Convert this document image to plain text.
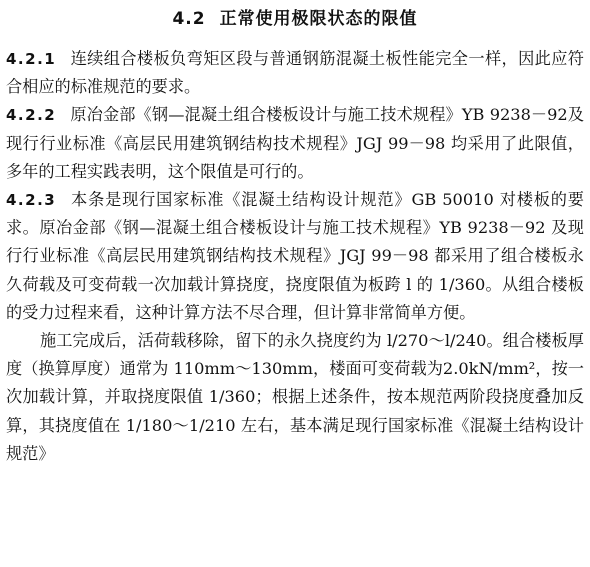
4.2 正常使用极限状态的限值

4.2.1 连续组合楼板负弯矩区段与普通钢筋混凝土板性能完全一样，因此应符合相应的标准规范的要求。

4.2.2 原冶金部《钢—混凝土组合楼板设计与施工技术规程》YB 9238－92及现行行业标准《高层民用建筑钢结构技术规程》JGJ 99－98 均采用了此限值，多年的工程实践表明，这个限值是可行的。

4.2.3 本条是现行国家标准《混凝土结构设计规范》GB 50010 对楼板的要求。原冶金部《钢—混凝土组合楼板设计与施工技术规程》YB 9238－92 及现行行业标准《高层民用建筑钢结构技术规程》JGJ 99－98 都采用了组合楼板永久荷载及可变荷载一次加载计算挠度，挠度限值为板跨 l 的 1/360。从组合楼板的受力过程来看，这种计算方法不尽合理，但计算非常简单方便。

施工完成后，活荷载移除，留下的永久挠度约为 l/270～l/240。组合楼板厚度（换算厚度）通常为 110mm～130mm，楼面可变荷载为2.0kN/mm²，按一次加载计算，并取挠度限值 1/360；根据上述条件，按本规范两阶段挠度叠加反算，其挠度值在 1/180～1/210 左右，基本满足现行国家标准《混凝土结构设计规范》
